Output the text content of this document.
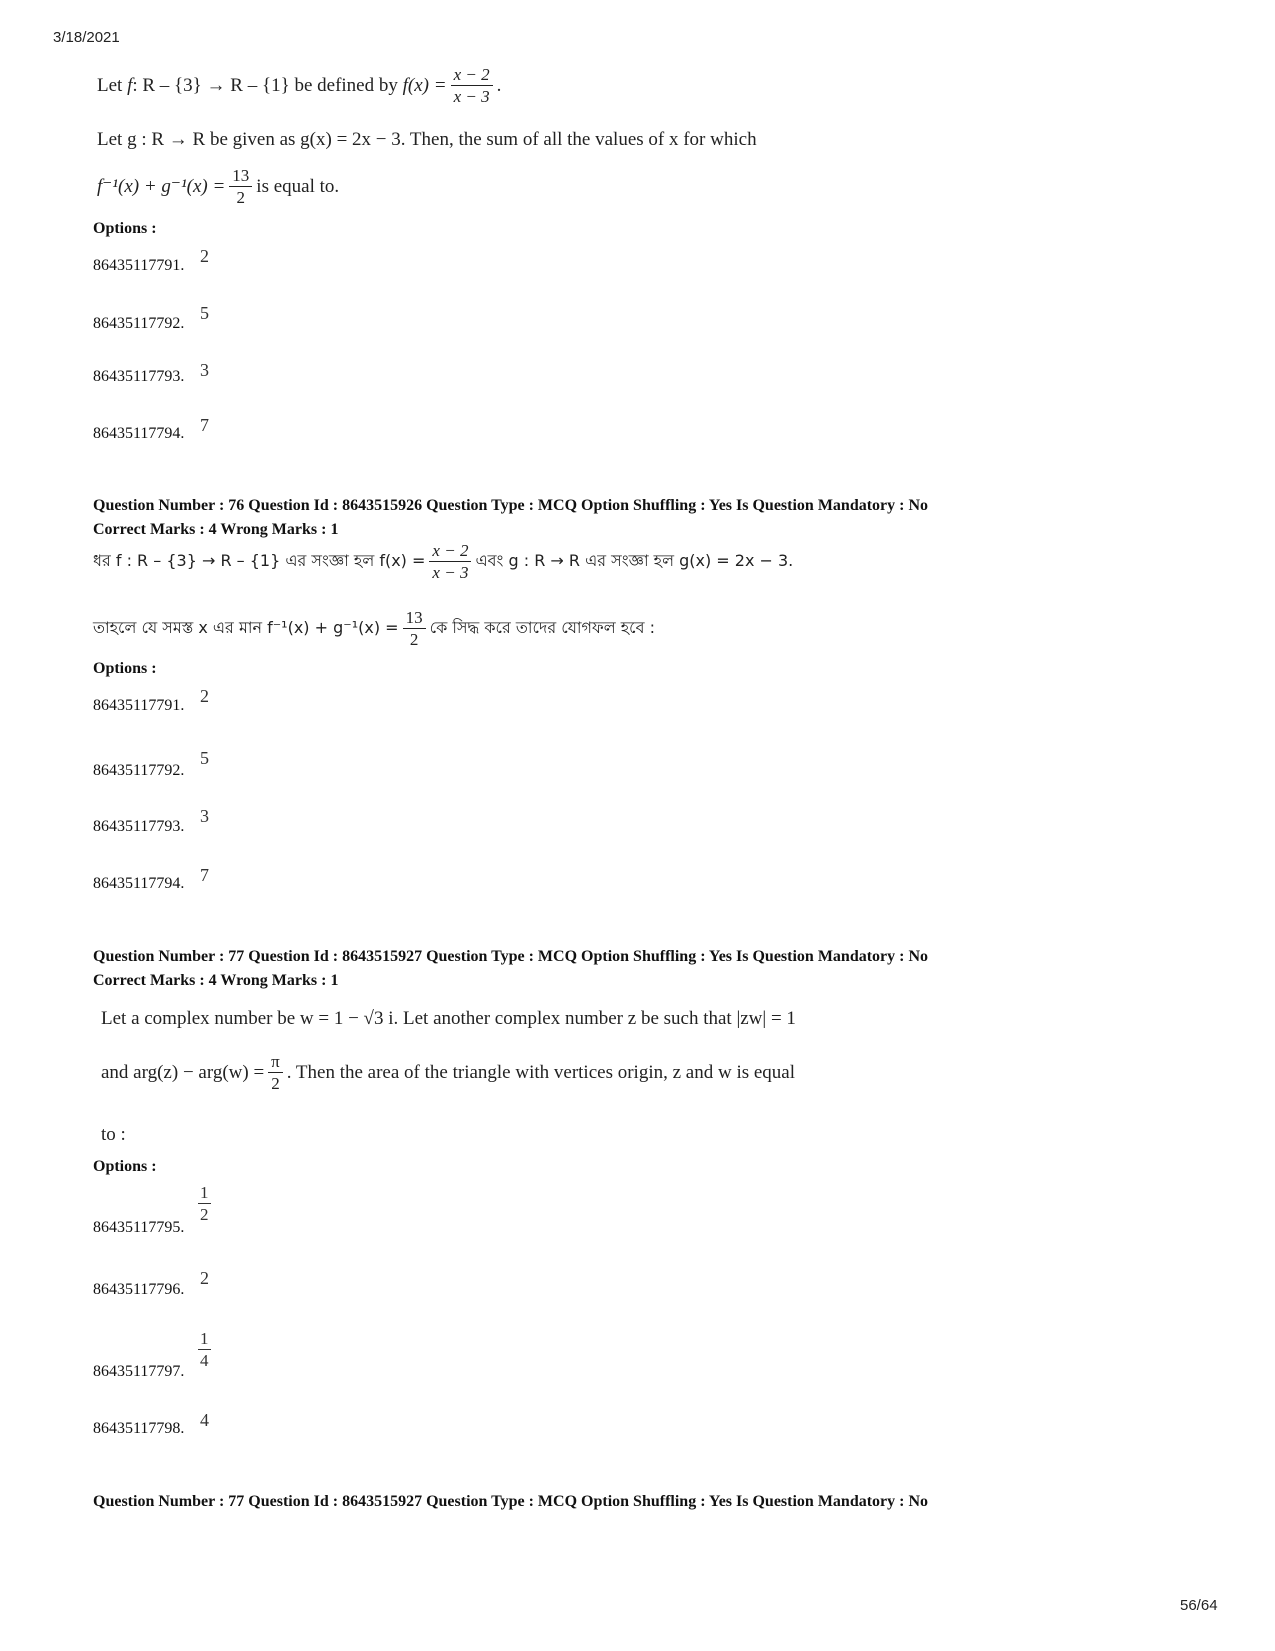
3/18/2021
56/64
Let
f : R – {3} → R – {1} be defined by
$f(x) = \frac{x - 2}{x - 3}$ .
Let g : R → R be given as g(x) = 2x − 3. Then, the sum of all the values of x for which
$f^{-1}(x) + g^{-1}(x) = \frac{13}{2}$ is equal to.
Options :
86435117791. 2
86435117792.
5
86435117793. 3
86435117794. 7
Question Number : 76 Question Id : 8643515926 Question Type : MCQ Option Shuffling : Yes Is Question Mandatory : No
Correct Marks : 4 Wrong Marks : 1
ধর f : R – {3} → R – {1} এর সংজ্ঞা হল $f(x) = \frac{x - 2}{x - 3}$ এবং g : R → R এর সংজ্ঞা হল g(x) = 2x − 3.
তাহলে যে সমস্ত x এর মান $f^{-1}(x) + g^{-1}(x) = \frac{13}{2}$ কে সিদ্ধ করে তাদের যোগফল হবে :
Options :
86435117791. 2
86435117792.
5
86435117793.
3
86435117794. 7
Question Number : 77 Question Id : 8643515927 Question Type : MCQ Option Shuffling : Yes Is Question Mandatory : No
Correct Marks : 4 Wrong Marks : 1
Let a complex number be w = 1 − √3 i. Let another complex number z be such that |zw| = 1
and $arg(z) - arg(w) = \frac{\pi}{2}$ . Then the area of the triangle with vertices origin, z and w is equal
to :
Options :
86435117795.
$\frac{1}{2}$
86435117796.
2
86435117797.
$\frac{1}{4}$
86435117798. 4
Question Number : 77 Question Id : 8643515927 Question Type : MCQ Option Shuffling : Yes Is Question Mandatory : No
